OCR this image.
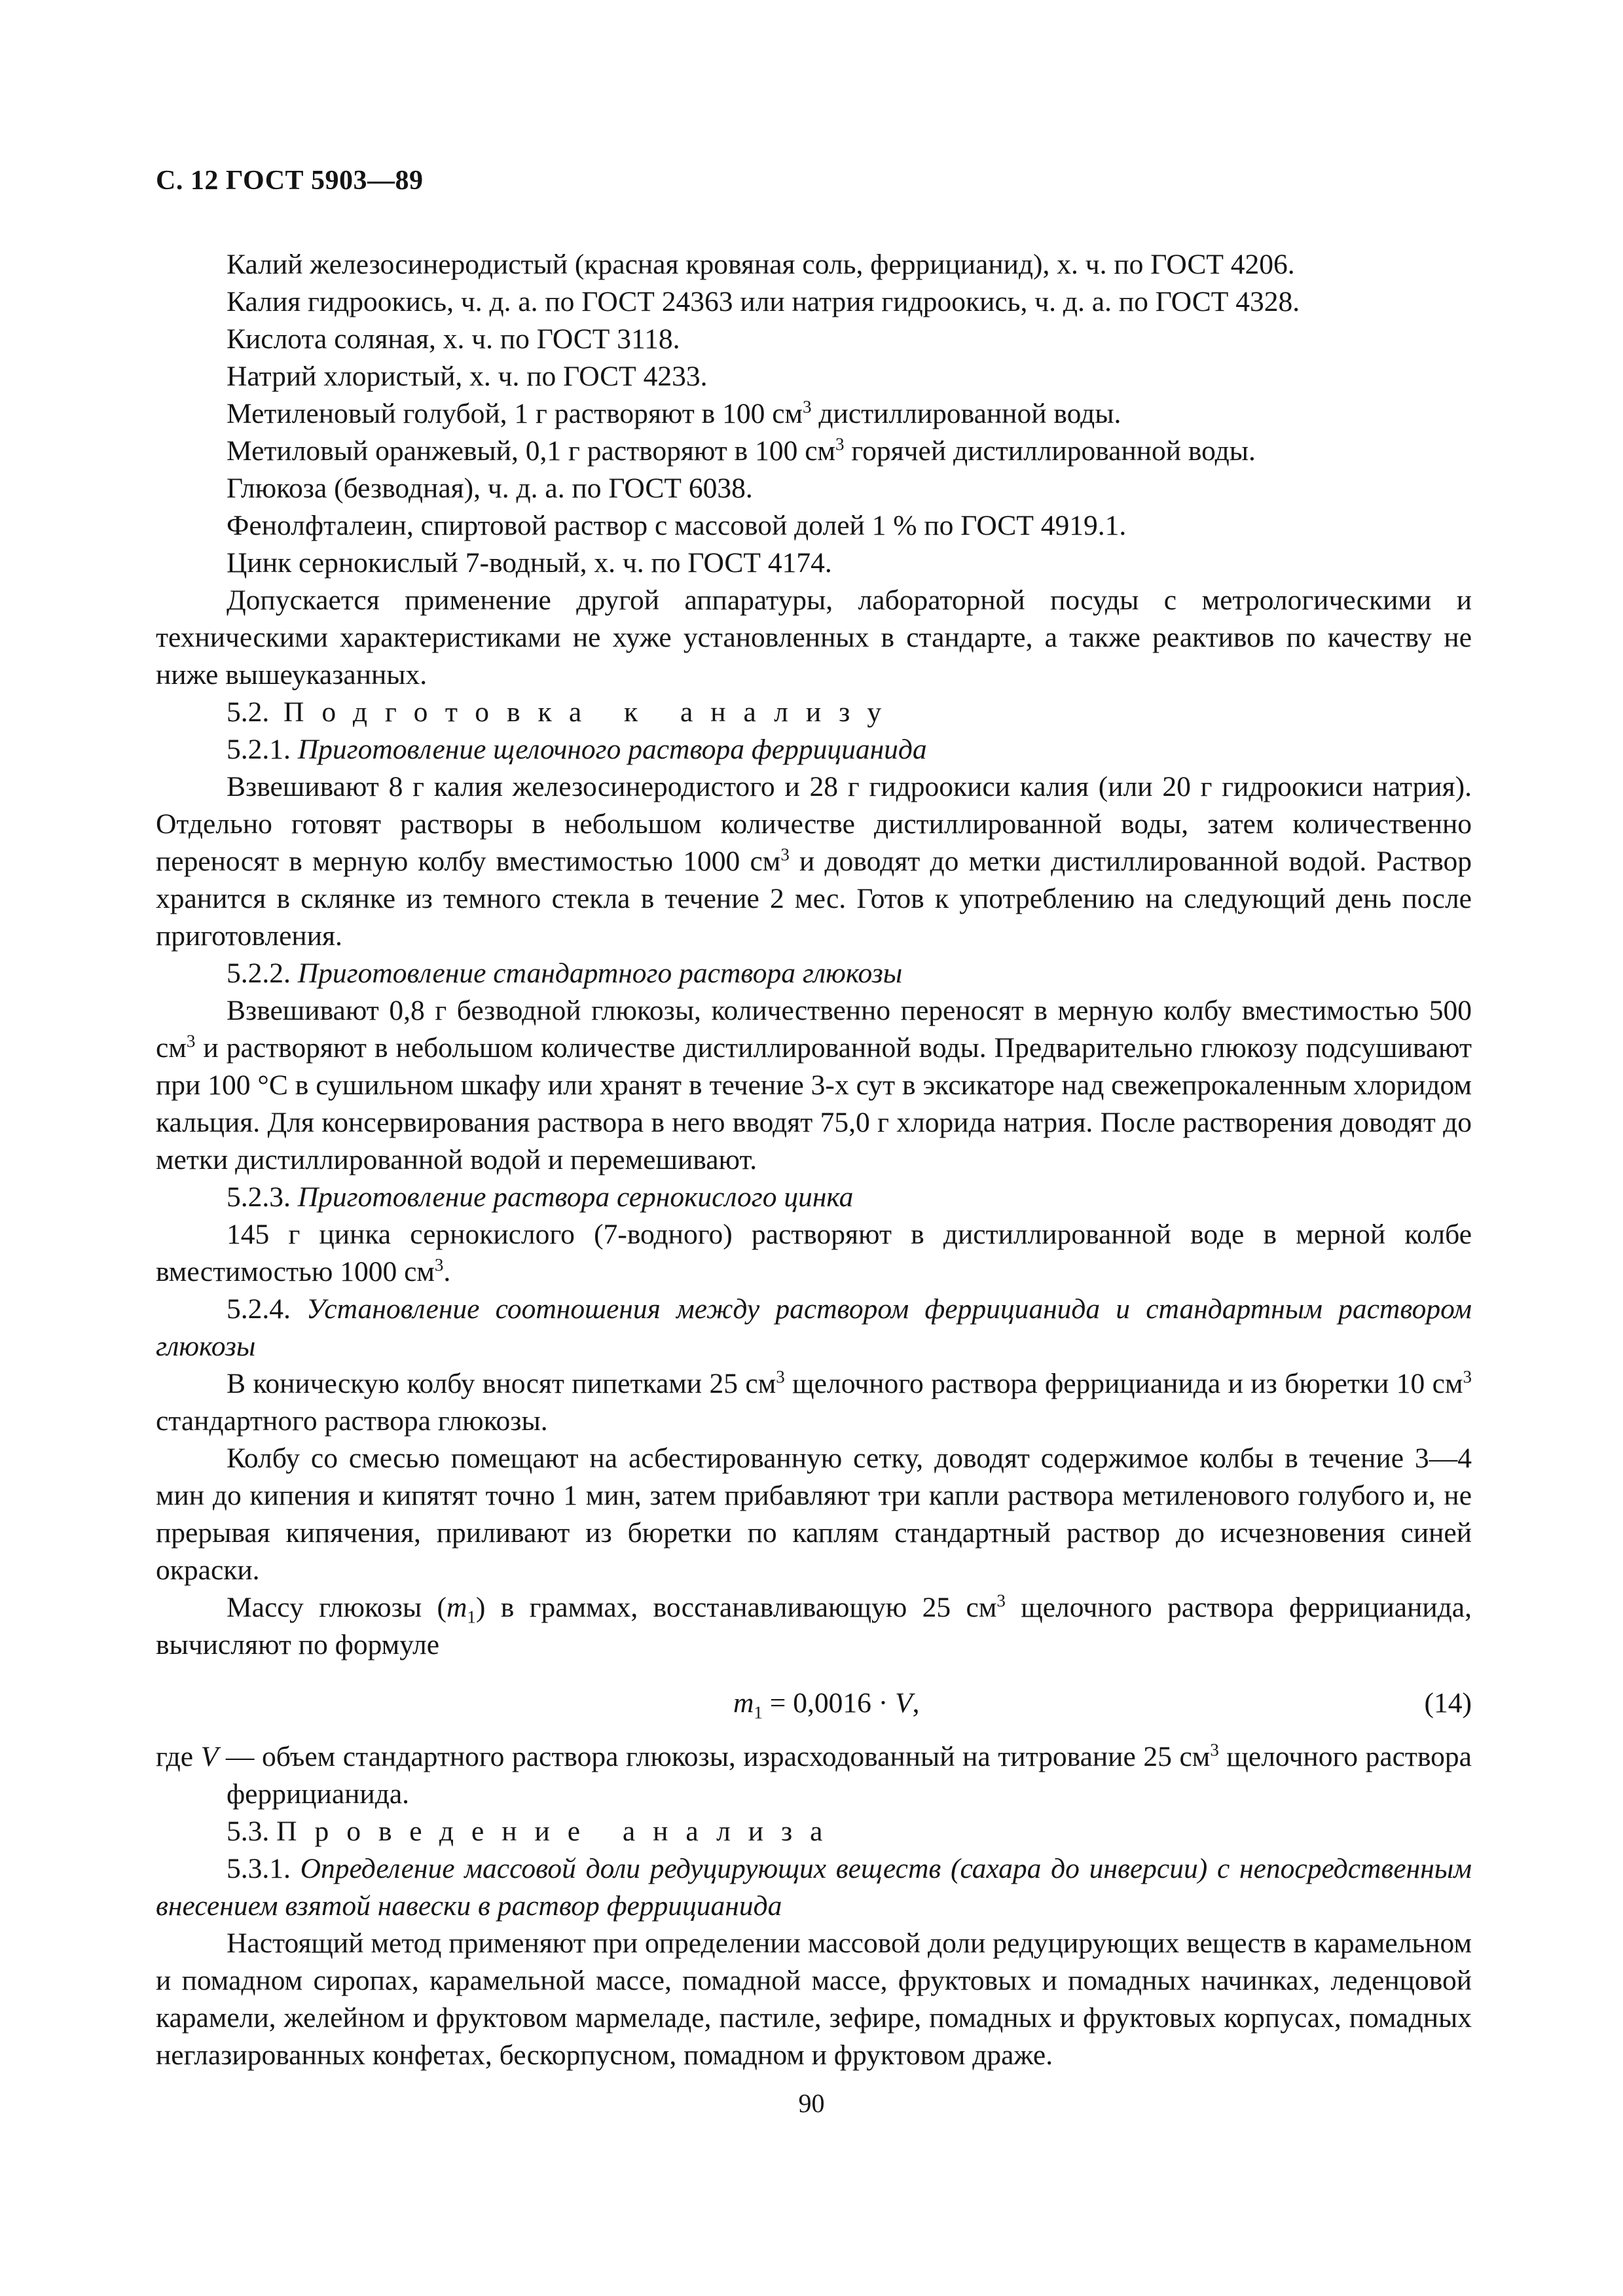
С. 12 ГОСТ 5903—89

Калий железосинеродистый (красная кровяная соль, феррицианид), х. ч. по ГОСТ 4206.

Калия гидроокись, ч. д. а. по ГОСТ 24363 или натрия гидроокись, ч. д. а. по ГОСТ 4328.

Кислота соляная, х. ч. по ГОСТ 3118.

Натрий хлористый, х. ч. по ГОСТ 4233.

Метиленовый голубой, 1 г растворяют в 100 $см^3$ дистиллированной воды.

Метиловый оранжевый, 0,1 г растворяют в 100 $см^3$ горячей дистиллированной воды.

Глюкоза (безводная), ч. д. а. по ГОСТ 6038.

Фенолфталеин, спиртовой раствор с массовой долей 1 % по ГОСТ 4919.1.

Цинк сернокислый 7-водный, х. ч. по ГОСТ 4174.

Допускается применение другой аппаратуры, лабораторной посуды с метрологическими и техническими характеристиками не хуже установленных в стандарте, а также реактивов по качеству не ниже вышеуказанных.

5.2. Подготовка к анализу

5.2.1. Приготовление щелочного раствора феррицианида

Взвешивают 8 г калия железосинеродистого и 28 г гидроокиси калия (или 20 г гидроокиси натрия). Отдельно готовят растворы в небольшом количестве дистиллированной воды, затем количественно переносят в мерную колбу вместимостью 1000 $см^3$ и доводят до метки дистиллированной водой. Раствор хранится в склянке из темного стекла в течение 2 мес. Готов к употреблению на следующий день после приготовления.

5.2.2. Приготовление стандартного раствора глюкозы

Взвешивают 0,8 г безводной глюкозы, количественно переносят в мерную колбу вместимостью 500 $см^3$ и растворяют в небольшом количестве дистиллированной воды. Предварительно глюкозу подсушивают при 100 °С в сушильном шкафу или хранят в течение 3-х сут в эксикаторе над свежепрокаленным хлоридом кальция. Для консервирования раствора в него вводят 75,0 г хлорида натрия. После растворения доводят до метки дистиллированной водой и перемешивают.

5.2.3. Приготовление раствора сернокислого цинка

145 г цинка сернокислого (7-водного) растворяют в дистиллированной воде в мерной колбе вместимостью 1000 $см^3$.

5.2.4. Установление соотношения между раствором феррицианида и стандартным раствором глюкозы

В коническую колбу вносят пипетками 25 $см^3$ щелочного раствора феррицианида и из бюретки 10 $см^3$ стандартного раствора глюкозы.

Колбу со смесью помещают на асбестированную сетку, доводят содержимое колбы в течение 3—4 мин до кипения и кипятят точно 1 мин, затем прибавляют три капли раствора метиленового голубого и, не прерывая кипячения, приливают из бюретки по каплям стандартный раствор до исчезновения синей окраски.

Массу глюкозы $(m_1)$ в граммах, восстанавливающую 25 $см^3$ щелочного раствора феррицианида, вычисляют по формуле

$m_1 = 0,0016 \cdot V$,	(14)

где V — объем стандартного раствора глюкозы, израсходованный на титрование 25 $см^3$ щелочного раствора феррицианида.

5.3. Проведение анализа

5.3.1. Определение массовой доли редуцирующих веществ (сахара до инверсии) с непосредственным внесением взятой навески в раствор феррицианида

Настоящий метод применяют при определении массовой доли редуцирующих веществ в карамельном и помадном сиропах, карамельной массе, помадной массе, фруктовых и помадных начинках, леденцовой карамели, желейном и фруктовом мармеладе, пастиле, зефире, помадных и фруктовых корпусах, помадных неглазированных конфетах, бескорпусном, помадном и фруктовом драже.

90
